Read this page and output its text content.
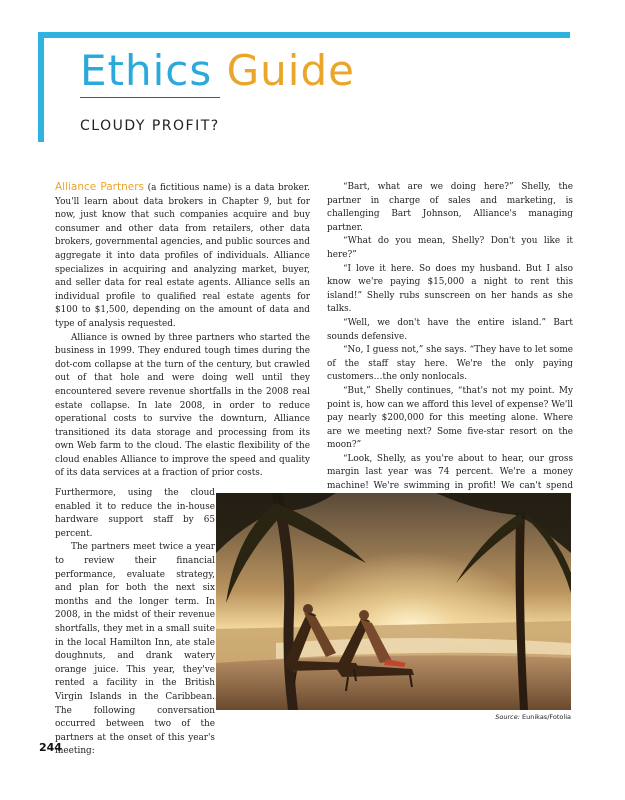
Ethics Guide
CLOUDY PROFIT?

Alliance Partners (a fictitious name) is a data broker. You'll learn about data brokers in Chapter 9, but for now, just know that such companies acquire and buy consumer and other data from retailers, other data brokers, governmental agencies, and public sources and aggregate it into data profiles of individuals. Alliance specializes in acquiring and analyzing market, buyer, and seller data for real estate agents. Alliance sells an individual profile to qualified real estate agents for $100 to $1,500, depending on the amount of data and type of analysis requested.

Alliance is owned by three partners who started the business in 1999. They endured tough times during the dot-com collapse at the turn of the century, but crawled out of that hole and were doing well until they encountered severe revenue shortfalls in the 2008 real estate collapse. In late 2008, in order to reduce operational costs to survive the downturn, Alliance transitioned its data storage and processing from its own Web farm to the cloud. The elastic flexibility of the cloud enables Alliance to improve the speed and quality of its data services at a fraction of prior costs.

Furthermore, using the cloud enabled it to reduce the in-house hardware support staff by 65 percent.

The partners meet twice a year to review their financial performance, evaluate strategy, and plan for both the next six months and the longer term. In 2008, in the midst of their revenue shortfalls, they met in a small suite in the local Hamilton Inn, ate stale doughnuts, and drank watery orange juice. This year, they've rented a facility in the British Virgin Islands in the Caribbean. The following conversation occurred between two of the partners at the onset of this year's meeting:

“Bart, what are we doing here?” Shelly, the partner in charge of sales and marketing, is challenging Bart Johnson, Alliance's managing partner.

“What do you mean, Shelly? Don't you like it here?”

“I love it here. So does my husband. But I also know we're paying $15,000 a night to rent this island!” Shelly rubs sunscreen on her hands as she talks.

“Well, we don't have the entire island.” Bart sounds defensive.

“No, I guess not,” she says. “They have to let some of the staff stay here. We're the only paying customers…the only nonlocals.

“But,” Shelly continues, “that's not my point. My point is, how can we afford this level of expense? We'll pay nearly $200,000 for this meeting alone. Where are we meeting next? Some five-star resort on the moon?”

“Look, Shelly, as you're about to hear, our gross margin last year was 74 percent. We're a money machine! We're swimming in profit! We can't spend

Source: Eunikas/Fotolia
244
